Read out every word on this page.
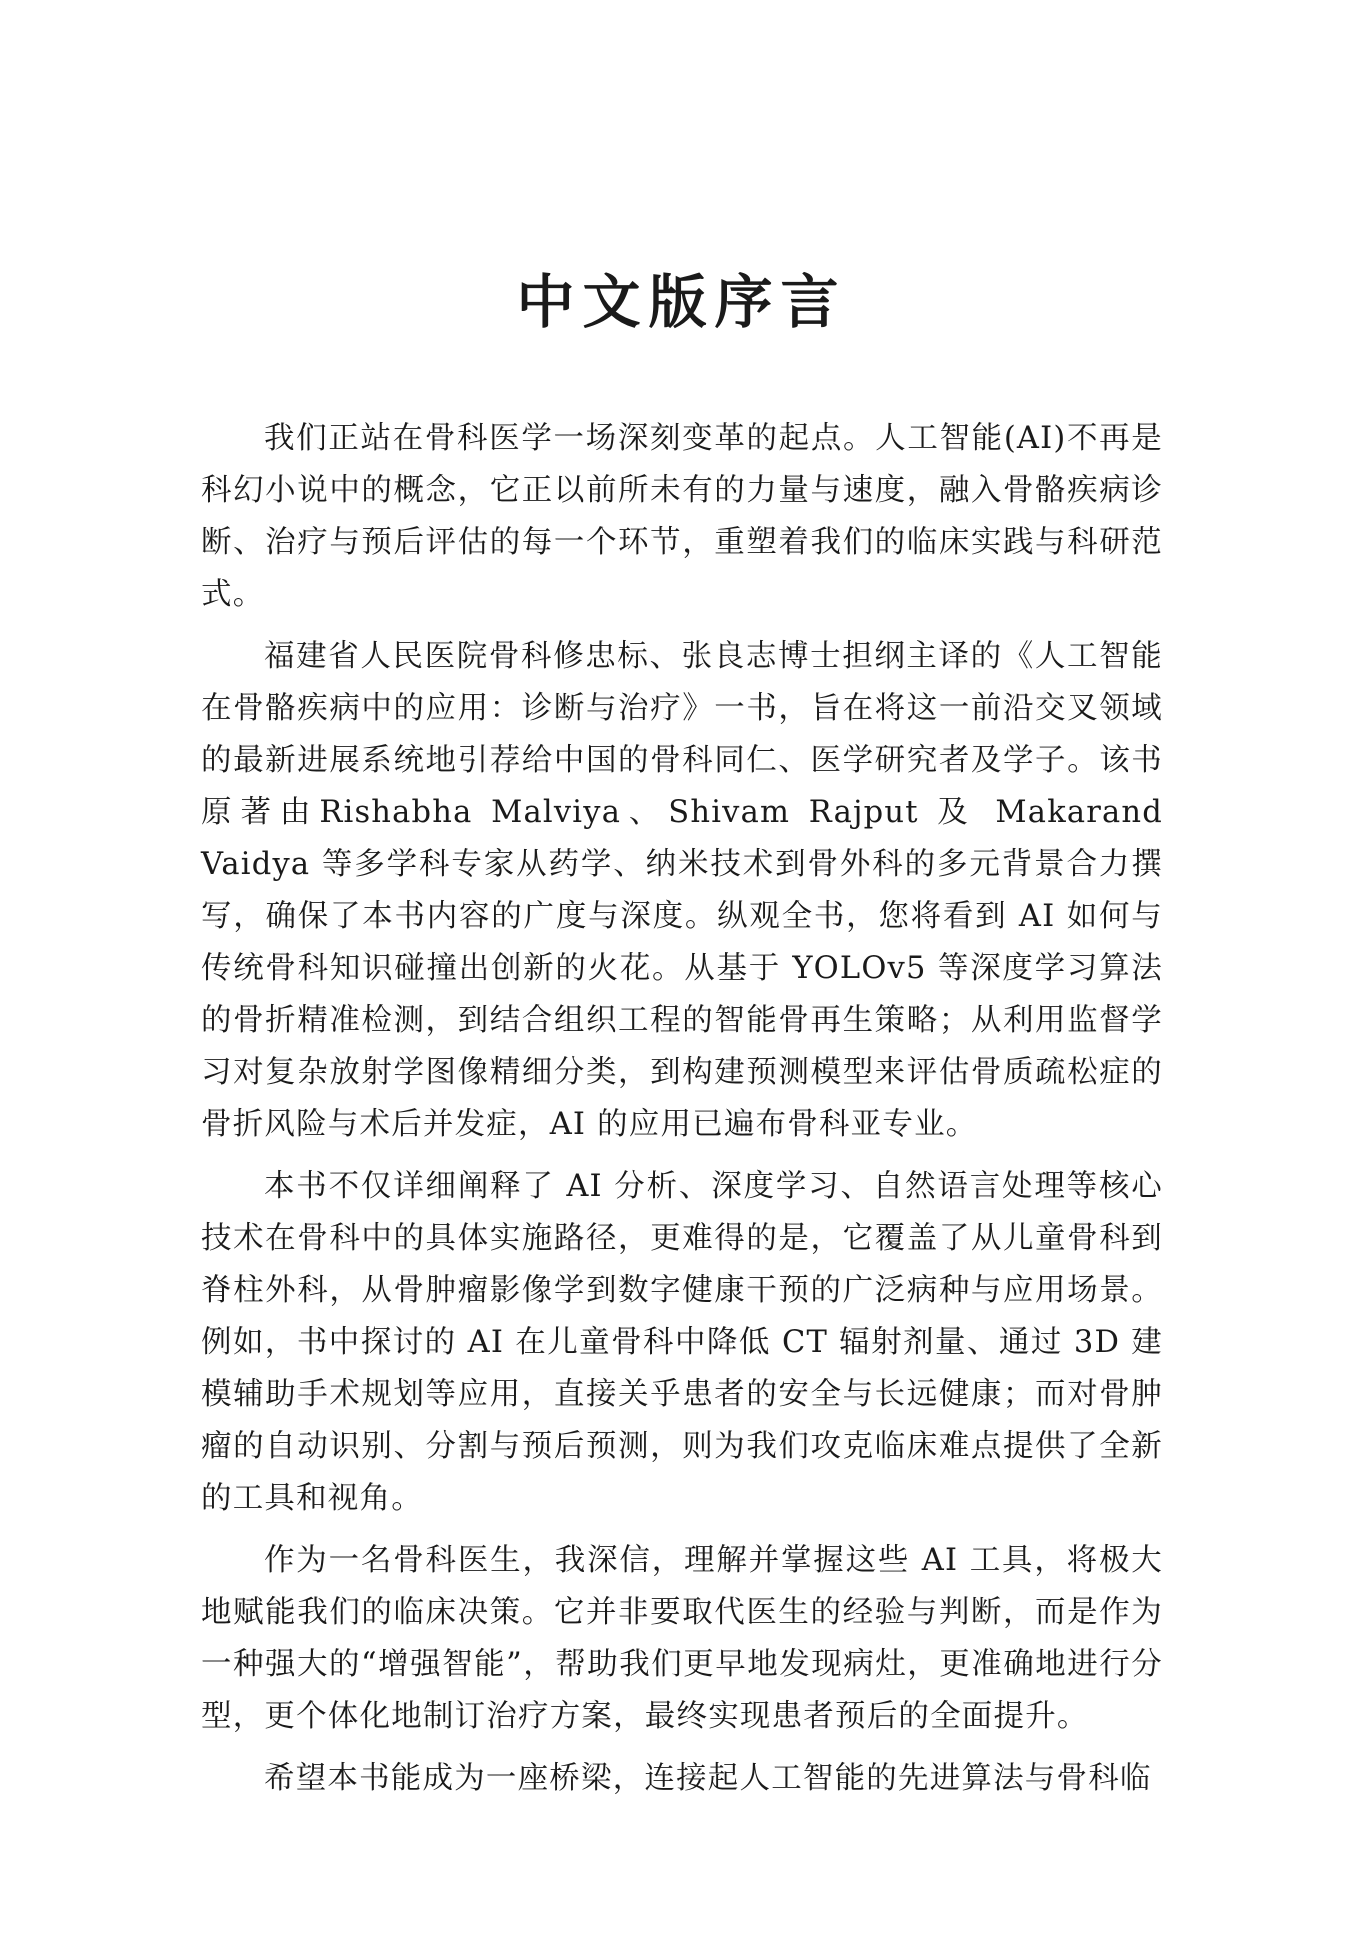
中文版序言

我们正站在骨科医学一场深刻变革的起点。人工智能(AI)不再是科幻小说中的概念，它正以前所未有的力量与速度，融入骨骼疾病诊断、治疗与预后评估的每一个环节，重塑着我们的临床实践与科研范式。

福建省人民医院骨科修忠标、张良志博士担纲主译的《人工智能在骨骼疾病中的应用：诊断与治疗》一书，旨在将这一前沿交叉领域的最新进展系统地引荐给中国的骨科同仁、医学研究者及学子。该书原著由Rishabha Malviya、Shivam Rajput 及 Makarand Vaidya 等多学科专家从药学、纳米技术到骨外科的多元背景合力撰写，确保了本书内容的广度与深度。纵观全书，您将看到 AI 如何与传统骨科知识碰撞出创新的火花。从基于 YOLOv5 等深度学习算法的骨折精准检测，到结合组织工程的智能骨再生策略；从利用监督学习对复杂放射学图像精细分类，到构建预测模型来评估骨质疏松症的骨折风险与术后并发症，AI 的应用已遍布骨科亚专业。

本书不仅详细阐释了 AI 分析、深度学习、自然语言处理等核心技术在骨科中的具体实施路径，更难得的是，它覆盖了从儿童骨科到脊柱外科，从骨肿瘤影像学到数字健康干预的广泛病种与应用场景。例如，书中探讨的 AI 在儿童骨科中降低 CT 辐射剂量、通过 3D 建模辅助手术规划等应用，直接关乎患者的安全与长远健康；而对骨肿瘤的自动识别、分割与预后预测，则为我们攻克临床难点提供了全新的工具和视角。

作为一名骨科医生，我深信，理解并掌握这些 AI 工具，将极大地赋能我们的临床决策。它并非要取代医生的经验与判断，而是作为一种强大的“增强智能”，帮助我们更早地发现病灶，更准确地进行分型，更个体化地制订治疗方案，最终实现患者预后的全面提升。

希望本书能成为一座桥梁，连接起人工智能的先进算法与骨科临
